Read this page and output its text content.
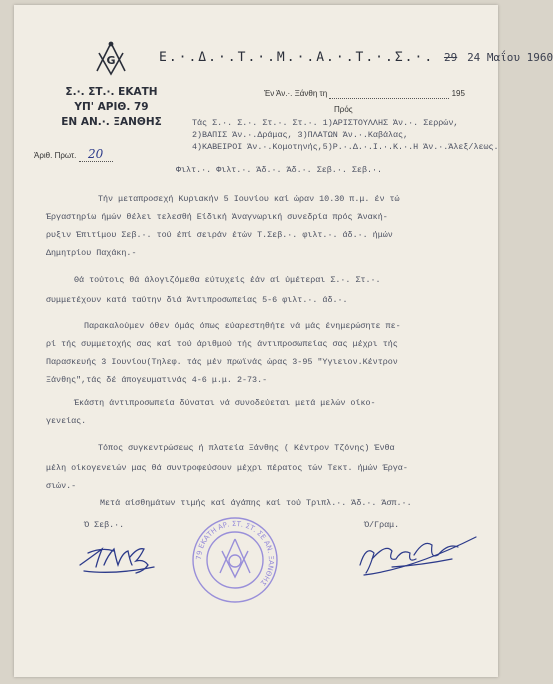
G	Ε.·.Δ.·.Τ.·.Μ.·.Α.·.Τ.·.Σ.·. 29 24 Μαΐου 1960
Σ.·. ΣΤ.·. ΕΚΑΤΗ
ΥΠ' ΑΡΙΘ. 79
ΕΝ ΑΝ.·. ΞΑΝΘΗΣ
Έν Άν.·. Ξάνθη τη	195
Άριθ. Πρωτ. 20
Πρός
Τάς Σ.·. Σ.·. Στ.·. Στ.·. 1)ΑΡΙΣΤΟΥΛΛΗΣ Άν.·. Σερρών,
2)ΒΑΠΙΣ Άν.·.Δράμας, 3)ΠΛΑΤΩΝ Άν.·.Καβάλας,
4)ΚΑΒΕΙΡΟΙ Άν.·.Κομοτηνής,5)Ρ.·.Δ.·.Ι.·.Κ.·.Η Άν.·.Άλεξ/λεως.
Φιλτ.·. Φιλτ.·. Άδ.·. Άδ.·. Σεβ.·. Σεβ.·.
Τήν μεταπροσεχή Κυριακήν 5 Ιουνίου καί ώραν 10.30 π.μ. έν τώ
Έργαστηρίω ήμών θέλει τελεσθή Είδική Άναγνωρική συνεδρία πρός Άνακή-
ρυξιν Έπιτίμου Σεβ.·. τού έπί σειράν έτών Τ.Σεβ.·. φιλτ.·. άδ.·. ήμών
Δημητρίου Παχάκη.-
Θά τούτοις θά άλογιζόμεθα εύτυχείς έάν αί ύμέτεραι Σ.·. Στ.·.
συμμετέχουν κατά ταύτην διά Άντιπροσωπείας 5-6 φιλτ.·. άδ.·.
Παρακαλούμεν όθεν όμάς όπως εύαρεστηθήτε νά μάς ένημερώσητε πε-
ρί τής συμμετοχής σας καί τού άριθμού τής άντιπροσωπείας σας μέχρι τής
Παρασκευής 3 Ιουνίου(Τηλεφ. τάς μέν πρωϊνάς ώρας 3-95 "Υγιειον.Κέντρον
Ξάνθης",τάς δέ άπογευματινάς 4-6 μ.μ. 2-73.-
Έκάστη άντιπροσωπεία δύναται νά συνοδεύεται μετά μελών οίκο-
γενείας.
Τόπος συγκεντρώσεως ή πλατεία Ξάνθης ( Κέντρον Τζόνης) Ένθα
μέλη οίκογενειών μας θά συντροφεύσουν μέχρι πέρατος τών Τεκτ. ήμών Έργα-
σιών.-
Μετά αίσθημάτων τιμής καί άγάπης καί τού Τριπλ.·. Άδ.·. Άσπ.·.
Ό Σεβ.·.	Ό/Γραμ.
79 ΕΚΑΤΗ ΑΡ. ΣΤ. ΣΤ. ΣΕ ΑΝ. ΞΑΝΘΗΣ
